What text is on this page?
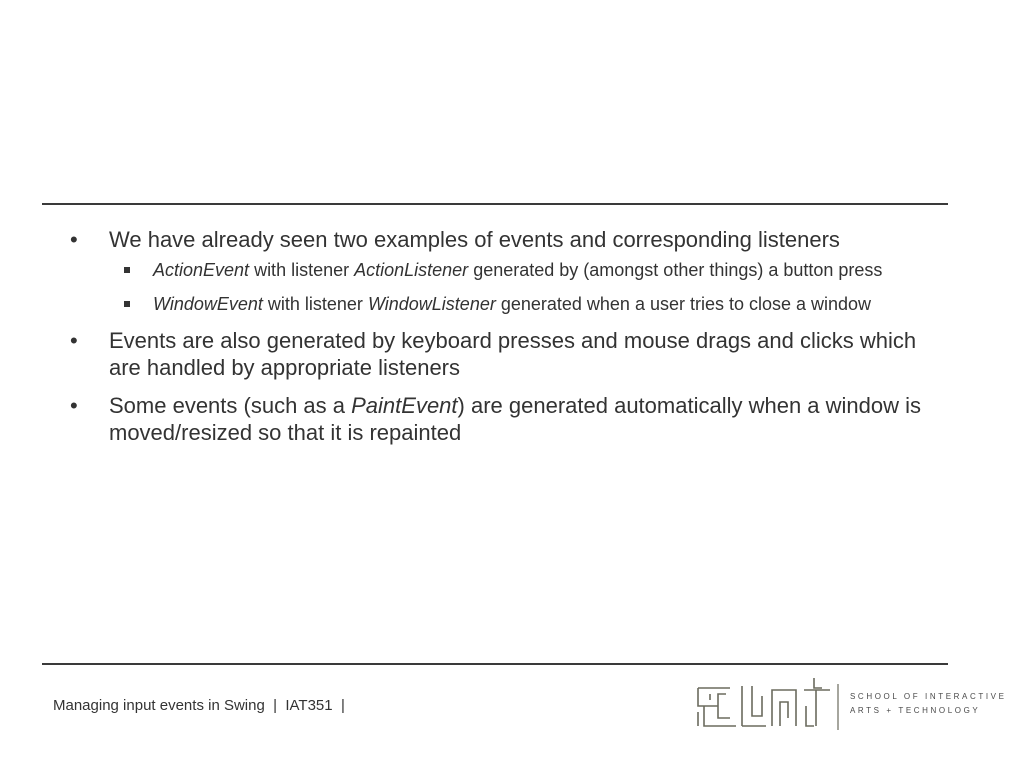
• We have already seen two examples of events and corresponding listeners
ActionEvent with listener ActionListener generated by (amongst other things) a button press
WindowEvent with listener WindowListener generated when a user tries to close a window
• Events are also generated by keyboard presses and mouse drags and clicks which are handled by appropriate listeners
• Some events (such as a PaintEvent) are generated automatically when a window is moved/resized so that it is repainted
Managing input events in Swing  |  IAT351  |
SCHOOL OF INTERACTIVE
ARTS + TECHNOLOGY
